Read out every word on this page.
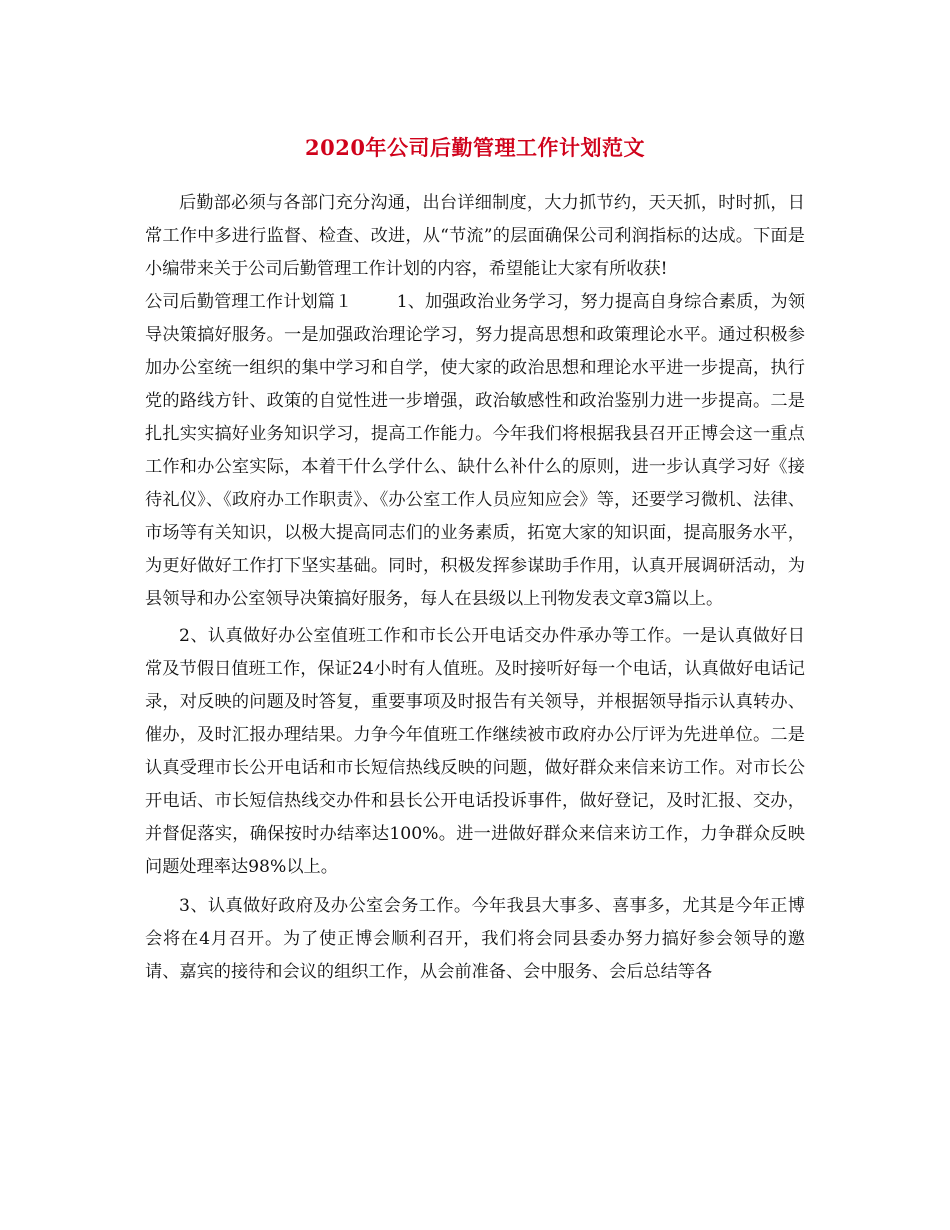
2020年公司后勤管理工作计划范文

后勤部必须与各部门充分沟通，出台详细制度，大力抓节约，天天抓，时时抓，日常工作中多进行监督、检查、改进，从“节流”的层面确保公司利润指标的达成。下面是小编带来关于公司后勤管理工作计划的内容，希望能让大家有所收获!

公司后勤管理工作计划篇１        1、加强政治业务学习，努力提高自身综合素质，为领导决策搞好服务。一是加强政治理论学习，努力提高思想和政策理论水平。通过积极参加办公室统一组织的集中学习和自学，使大家的政治思想和理论水平进一步提高，执行党的路线方针、政策的自觉性进一步增强，政治敏感性和政治鉴别力进一步提高。二是扎扎实实搞好业务知识学习，提高工作能力。今年我们将根据我县召开正博会这一重点工作和办公室实际，本着干什么学什么、缺什么补什么的原则，进一步认真学习好《接待礼仪》、《政府办工作职责》、《办公室工作人员应知应会》等，还要学习微机、法律、市场等有关知识，以极大提高同志们的业务素质，拓宽大家的知识面，提高服务水平，为更好做好工作打下坚实基础。同时，积极发挥参谋助手作用，认真开展调研活动，为县领导和办公室领导决策搞好服务，每人在县级以上刊物发表文章3篇以上。

2、认真做好办公室值班工作和市长公开电话交办件承办等工作。一是认真做好日常及节假日值班工作，保证24小时有人值班。及时接听好每一个电话，认真做好电话记录，对反映的问题及时答复，重要事项及时报告有关领导，并根据领导指示认真转办、催办，及时汇报办理结果。力争今年值班工作继续被市政府办公厅评为先进单位。二是认真受理市长公开电话和市长短信热线反映的问题，做好群众来信来访工作。对市长公开电话、市长短信热线交办件和县长公开电话投诉事件，做好登记，及时汇报、交办，并督促落实，确保按时办结率达100%。进一进做好群众来信来访工作，力争群众反映问题处理率达98%以上。

3、认真做好政府及办公室会务工作。今年我县大事多、喜事多，尤其是今年正博会将在4月召开。为了使正博会顺利召开，我们将会同县委办努力搞好参会领导的邀请、嘉宾的接待和会议的组织工作，从会前准备、会中服务、会后总结等各
